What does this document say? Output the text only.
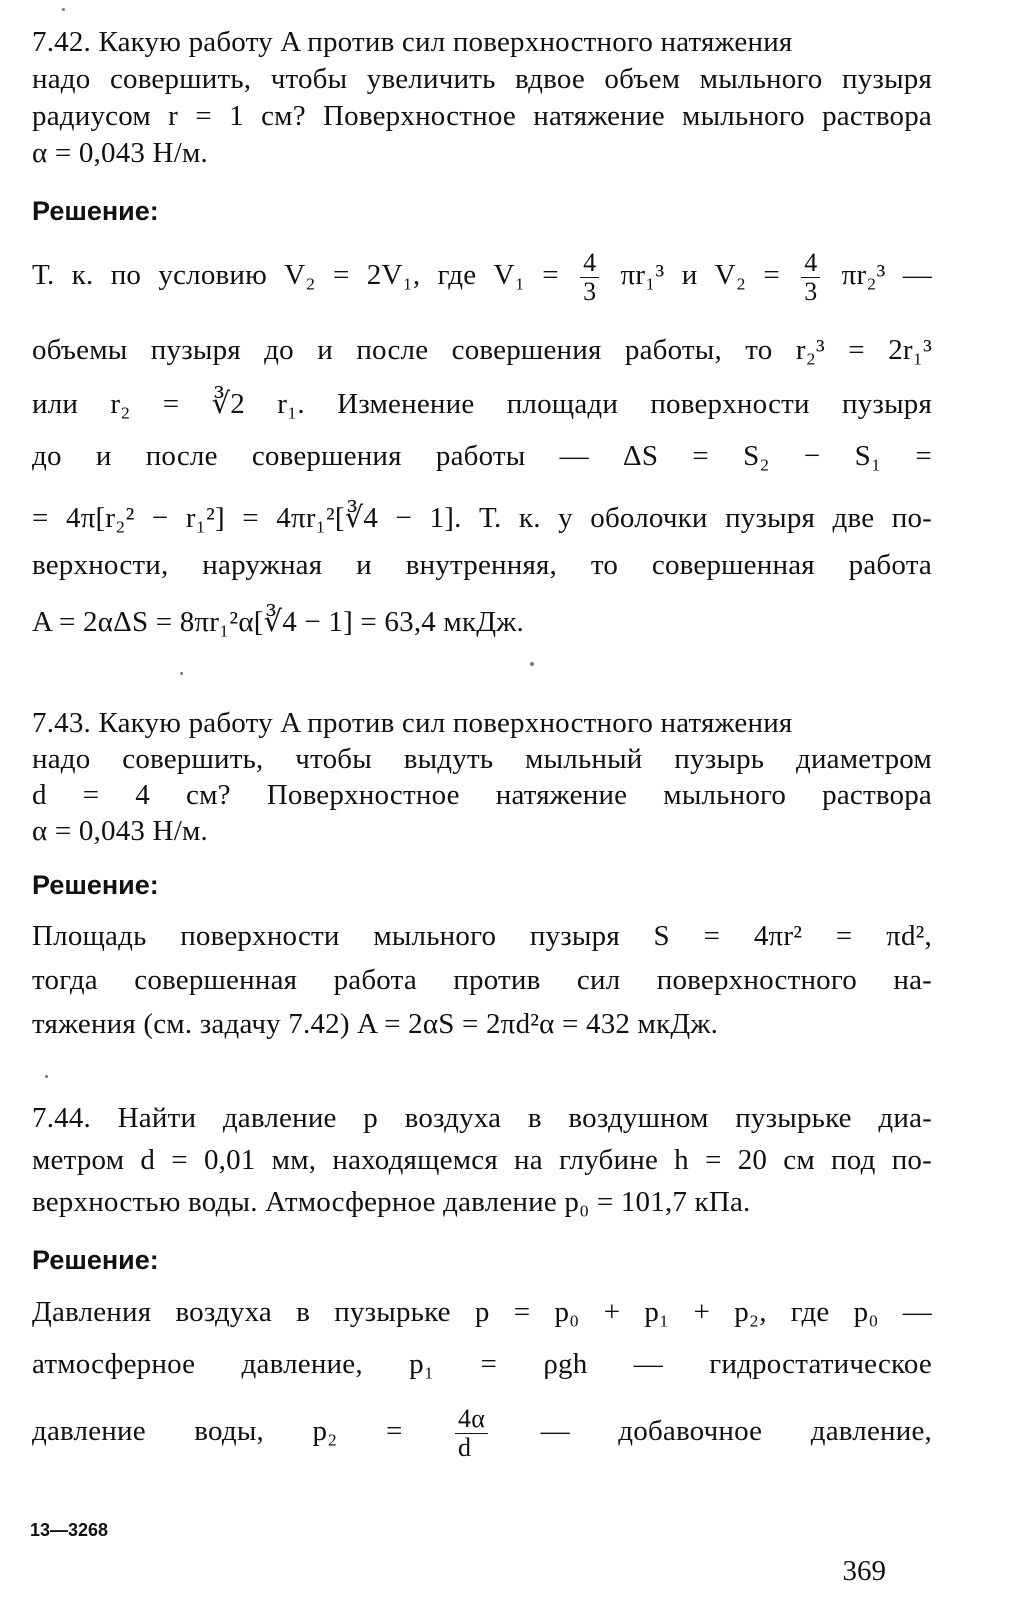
7.42. Какую работу A против сил поверхностного натяжения
надо совершить, чтобы увеличить вдвое объем мыльного пузыря
радиусом r = 1 см? Поверхностное натяжение мыльного раствора
α = 0,043 Н/м.
Решение:
Т. к. по условию V₂ = 2V₁, где $V_1 = \frac{4}{3} \pi r_1^3$ и $V_2 = \frac{4}{3} \pi r_2^3$ —
объемы пузыря до и после совершения работы, то r₂³ = 2r₁³
или r₂ = ∛2 r₁. Изменение площади поверхности пузыря
до и после совершения работы — ΔS = S₂ − S₁ =
= 4π[r₂² − r₁²] = 4πr₁²[∛4 − 1]. Т. к. у оболочки пузыря две по-
верхности, наружная и внутренняя, то совершенная работа
A = 2αΔS = 8πr₁²α[∛4 − 1] = 63,4 мкДж.
7.43. Какую работу A против сил поверхностного натяжения
надо совершить, чтобы выдуть мыльный пузырь диаметром
d = 4 см? Поверхностное натяжение мыльного раствора
α = 0,043 Н/м.
Решение:
Площадь поверхности мыльного пузыря S = 4πr² = πd²,
тогда совершенная работа против сил поверхностного на-
тяжения (см. задачу 7.42) A = 2αS = 2πd²α = 432 мкДж.
7.44. Найти давление p воздуха в воздушном пузырьке диа-
метром d = 0,01 мм, находящемся на глубине h = 20 см под по-
верхностью воды. Атмосферное давление p₀ = 101,7 кПа.
Решение:
Давления воздуха в пузырьке p = p₀ + p₁ + p₂, где p₀ —
атмосферное давление, p₁ = ρgh — гидростатическое
давление воды, $p_2 = \frac{4\alpha}{d}$ — добавочное давление,
13—3268
369
